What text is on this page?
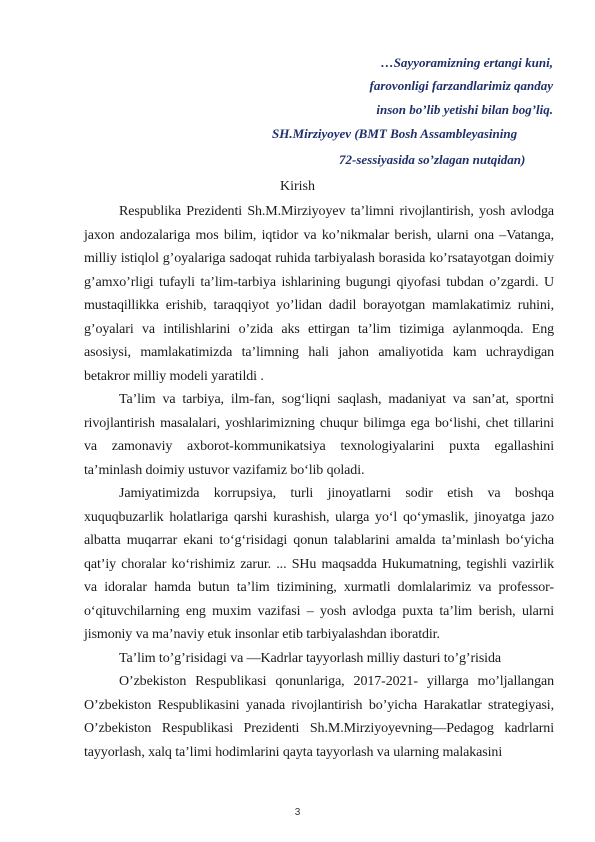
…Sayyoramizning ertangi kuni,

farovonligi farzandlarimiz qanday

inson bo’lib yetishi bilan bog’liq.

SH.Mirziyoyev (BMT Bosh Assambleyasining

72-sessiyasida so’zlagan nutqidan)

Kirish

Respublika Prezidenti Sh.M.Mirziyoyev ta’limni rivojlantirish, yosh avlodga jaxon andozalariga mos bilim, iqtidor va ko’nikmalar berish, ularni ona –Vatanga, milliy istiqlol g’oyalariga sadoqat ruhida tarbiyalash borasida ko’rsatayotgan doimiy g’amxo’rligi tufayli ta’lim-tarbiya ishlarining bugungi qiyofasi tubdan o’zgardi. U mustaqillikka erishib, taraqqiyot yo’lidan dadil borayotgan mamlakatimiz ruhini, g’oyalari va intilishlarini o’zida aks ettirgan ta’lim tizimiga aylanmoqda. Eng asosiysi, mamlakatimizda ta’limning hali jahon amaliyotida kam uchraydigan betakror milliy modeli yaratildi .

Ta’lim va tarbiya, ilm-fan, sog‘liqni saqlash, madaniyat va san’at, sportni rivojlantirish masalalari, yoshlarimizning chuqur bilimga ega bo‘lishi, chet tillarini va zamonaviy axborot-kommunikatsiya texnologiyalarini puxta egallashini ta’minlash doimiy ustuvor vazifamiz bo‘lib qoladi.

Jamiyatimizda korrupsiya, turli jinoyatlarni sodir etish va boshqa xuquqbuzarlik holatlariga qarshi kurashish, ularga yo‘l qo‘ymaslik, jinoyatga jazo albatta muqarrar ekani to‘g‘risidagi qonun talablarini amalda ta’minlash bo‘yicha qat’iy choralar ko‘rishimiz zarur. ... SHu maqsadda Hukumatning, tegishli vazirlik va idoralar hamda butun ta’lim tizimining, xurmatli domlalarimiz va professor-o‘qituvchilarning eng muxim vazifasi – yosh avlodga puxta ta’lim berish, ularni jismoniy va ma’naviy etuk insonlar etib tarbiyalashdan iboratdir.

Ta’lim to’g’risidagi va ―Kadrlar tayyorlash milliy dasturi to’g’risida

O’zbekiston Respublikasi qonunlariga, 2017-2021- yillarga mo’ljallangan O’zbekiston Respublikasini yanada rivojlantirish bo’yicha Harakatlar strategiyasi, O’zbekiston Respublikasi Prezidenti Sh.M.Mirziyoyevning―Pedagog kadrlarni tayyorlash, xalq ta’limi hodimlarini qayta tayyorlash va ularning malakasini

3
